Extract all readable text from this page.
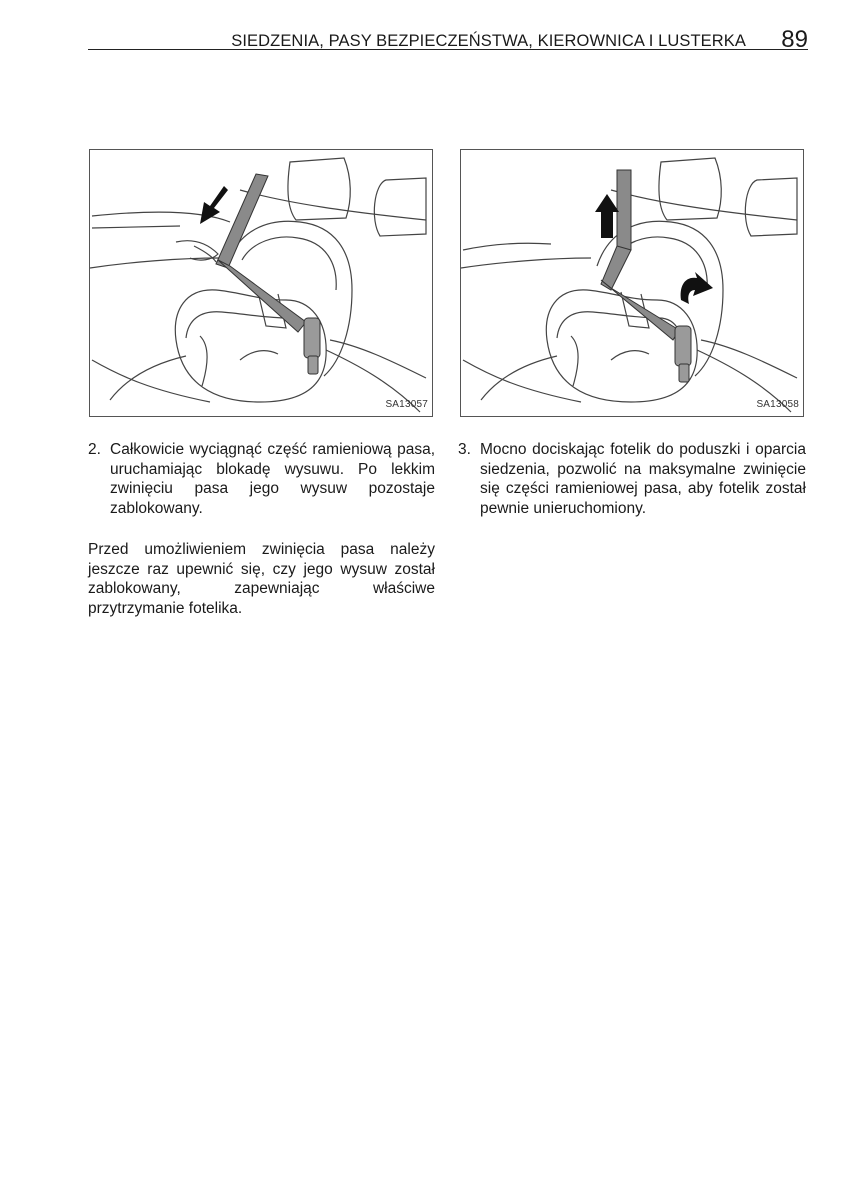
SIEDZENIA, PASY BEZPIECZEŃSTWA, KIEROWNICA I LUSTERKA 89
SA13057	SA13058

2. Całkowicie wyciągnąć część ramieniową pasa, uruchamiając blokadę wysuwu. Po lekkim zwinięciu pasa jego wysuw pozostaje zablokowany.

Przed umożliwieniem zwinięcia pasa należy jeszcze raz upewnić się, czy jego wysuw został zablokowany, zapewniając właściwe przytrzymanie fotelika.

3. Mocno dociskając fotelik do poduszki i oparcia siedzenia, pozwolić na maksymalne zwinięcie się części ramieniowej pasa, aby fotelik został pewnie unieruchomiony.
